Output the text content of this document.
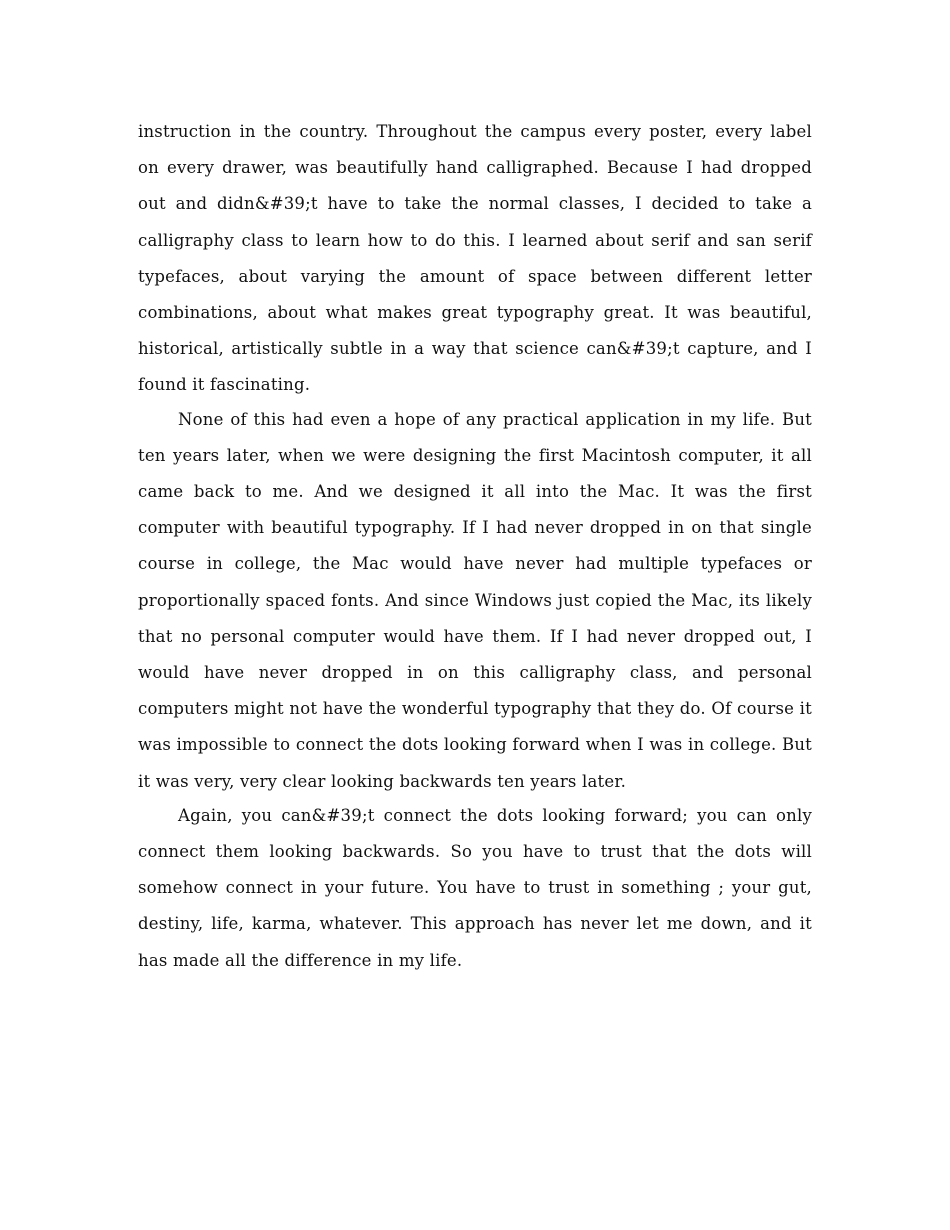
instruction in the country. Throughout the campus every poster, every label on every drawer, was beautifully hand calligraphed. Because I had dropped out and didn&#39;t have to take the normal classes, I decided to take a calligraphy class to learn how to do this. I learned about serif and san serif typefaces, about varying the amount of space between different letter combinations, about what makes great typography great. It was beautiful, historical, artistically subtle in a way that science can&#39;t capture, and I found it fascinating.

None of this had even a hope of any practical application in my life. But ten years later, when we were designing the first Macintosh computer, it all came back to me. And we designed it all into the Mac. It was the first computer with beautiful typography. If I had never dropped in on that single course in college, the Mac would have never had multiple typefaces or proportionally spaced fonts. And since Windows just copied the Mac, its likely that no personal computer would have them. If I had never dropped out, I would have never dropped in on this calligraphy class, and personal computers might not have the wonderful typography that they do. Of course it was impossible to connect the dots looking forward when I was in college. But it was very, very clear looking backwards ten years later.

Again, you can&#39;t connect the dots looking forward; you can only connect them looking backwards. So you have to trust that the dots will somehow connect in your future. You have to trust in something ; your gut, destiny, life, karma, whatever. This approach has never let me down, and it has made all the difference in my life.
